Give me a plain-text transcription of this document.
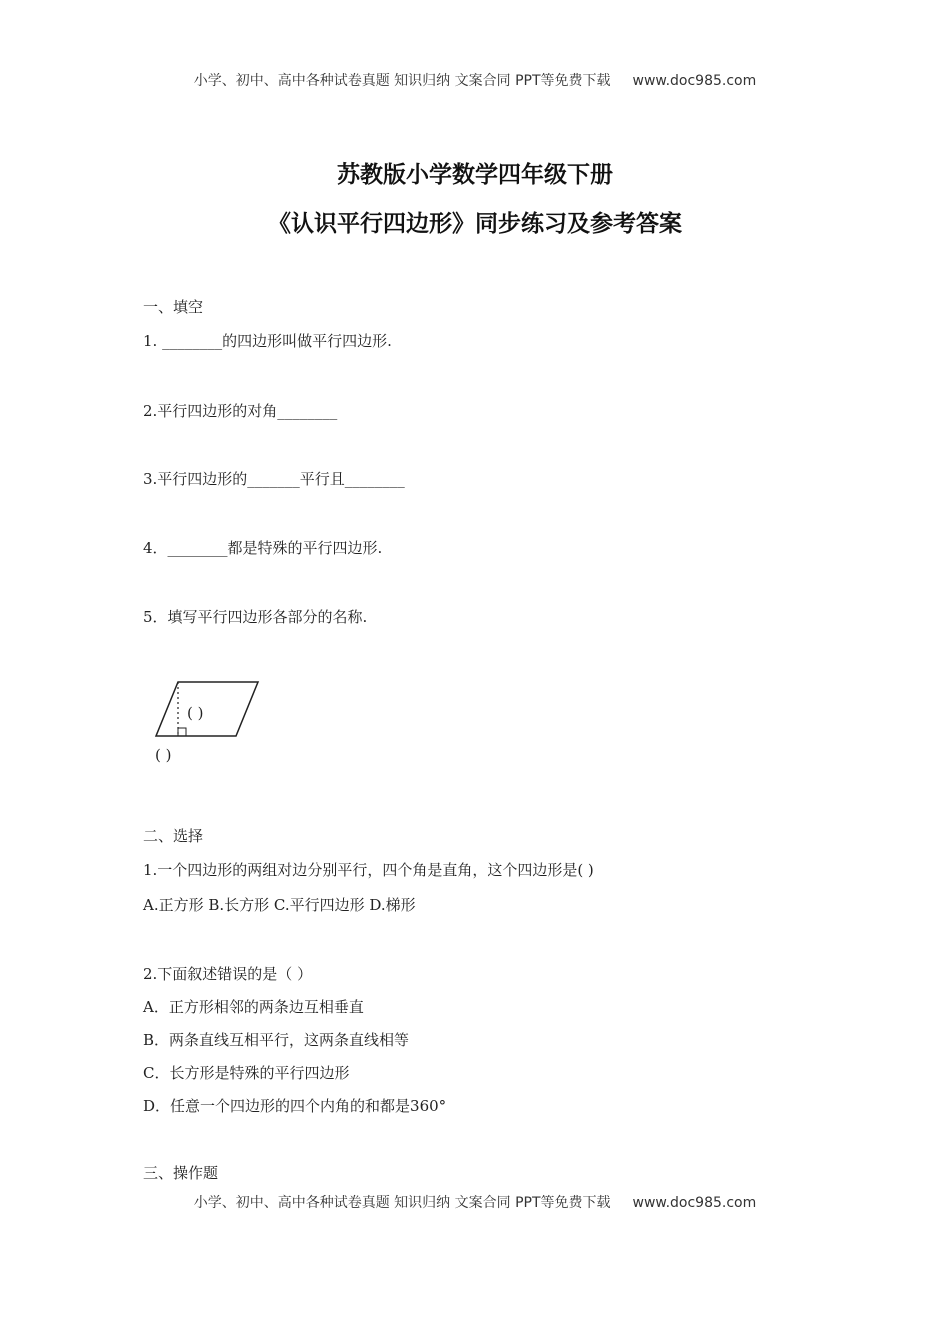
小学、初中、高中各种试卷真题 知识归纳 文案合同 PPT等免费下载 www.doc985.com
苏教版小学数学四年级下册
《认识平行四边形》同步练习及参考答案
一、填空
1. ________的四边形叫做平行四边形.
2.平行四边形的对角________
3.平行四边形的_______平行且________
4．________都是特殊的平行四边形.
5．填写平行四边形各部分的名称.
( )
( )
二、选择
1.一个四边形的两组对边分别平行，四个角是直角，这个四边形是( )
A.正方形 B.长方形 C.平行四边形 D.梯形
2.下面叙述错误的是（ ）
A．正方形相邻的两条边互相垂直
B．两条直线互相平行，这两条直线相等
C．长方形是特殊的平行四边形
D．任意一个四边形的四个内角的和都是360°
三、操作题
小学、初中、高中各种试卷真题 知识归纳 文案合同 PPT等免费下载 www.doc985.com
